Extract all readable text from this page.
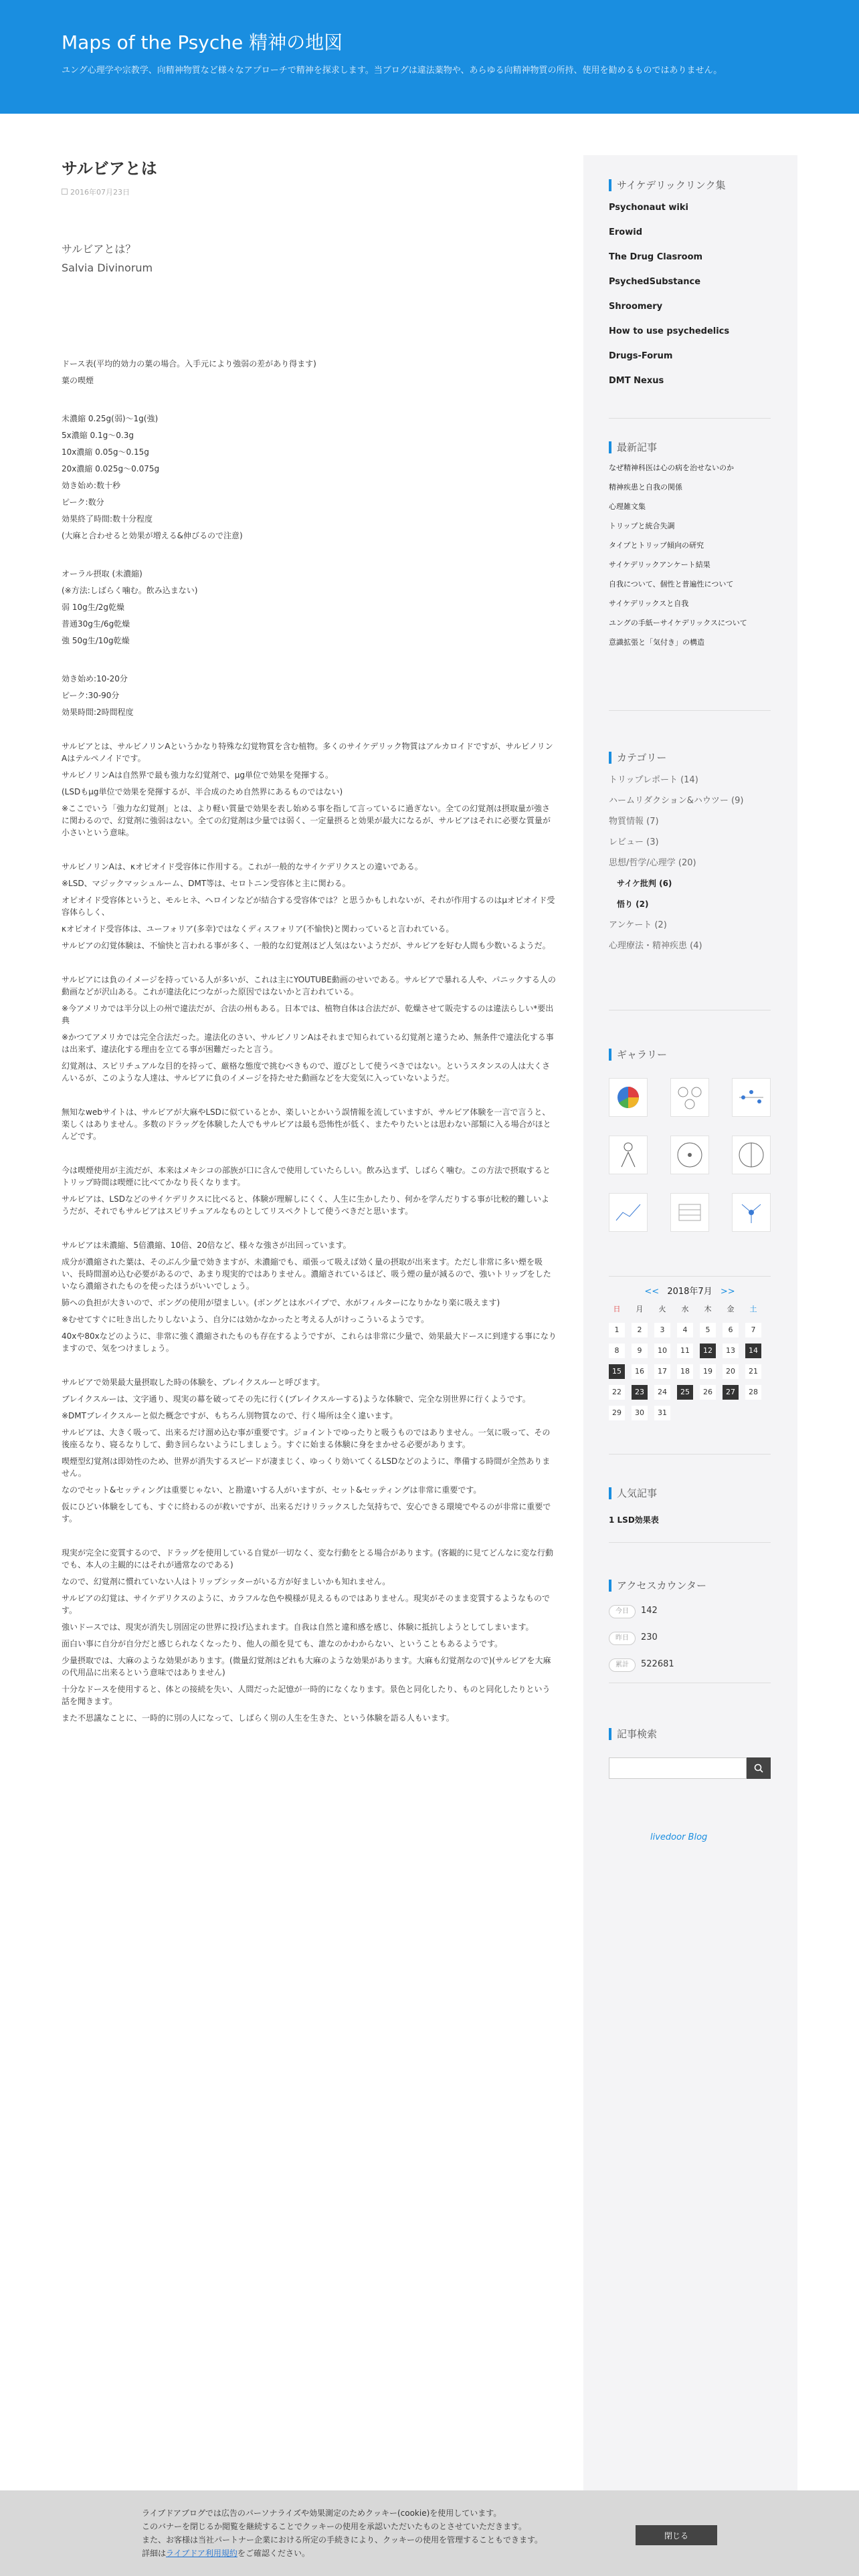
Maps of the Psyche 精神の地図
ユング心理学や宗教学、向精神物質など様々なアプローチで精神を探求します。当ブログは違法薬物や、あらゆる向精神物質の所持、使用を勧めるものではありません。
サルビアとは
2016年07月23日

サルビアとは？

Salvia Divinorum

ドース表(平均的効力の葉の場合。入手元により強弱の差があり得ます)

葉の喫煙

未濃縮 0.25g(弱)〜1g(強)

5x濃縮 0.1g〜0.3g

10x濃縮 0.05g〜0.15g

20x濃縮 0.025g〜0.075g

効き始め:数十秒

ピーク:数分

効果終了時間:数十分程度

(大麻と合わせると効果が増える&伸びるので注意)

オーラル摂取 (未濃縮)

(※方法:しばらく噛む。飲み込まない)

弱 10g生/2g乾燥

普通30g生/6g乾燥

強 50g生/10g乾燥

効き始め:10-20分

ピーク:30-90分

効果時間:2時間程度

サルビアとは、サルビノリンAというかなり特殊な幻覚物質を含む植物。多くのサイケデリック物質はアルカロイドですが、サルビノリンAはテルペノイドです。

サルビノリンAは自然界で最も強力な幻覚剤で、μg単位で効果を発揮する。

(LSDもμg単位で効果を発揮するが、半合成のため自然界にあるものではない)

※ここでいう「強力な幻覚剤」とは、より軽い質量で効果を表し始める事を指して言っているに過ぎない。全ての幻覚剤は摂取量が強さに関わるので、幻覚剤に強弱はない。全ての幻覚剤は少量では弱く、一定量摂ると効果が最大になるが、サルビアはそれに必要な質量が小さいという意味。

サルビノリンAは、κオピオイド受容体に作用する。これが一般的なサイケデリクスとの違いである。

※LSD、マジックマッシュルーム、DMT等は、セロトニン受容体と主に関わる。

オピオイド受容体というと、モルヒネ、ヘロインなどが結合する受容体では？と思うかもしれないが、それが作用するのはμオピオイド受容体らしく、

κオピオイド受容体は、ユーフォリア(多幸)ではなくディスフォリア(不愉快)と関わっていると言われている。

サルビアの幻覚体験は、不愉快と言われる事が多く、一般的な幻覚剤ほど人気はないようだが、サルビアを好む人間も少数いるようだ。

サルビアには負のイメージを持っている人が多いが、これは主にYOUTUBE動画のせいである。サルビアで暴れる人や、パニックする人の動画などが沢山ある。これが違法化につながった原因ではないかと言われている。

※今アメリカでは半分以上の州で違法だが、合法の州もある。日本では、植物自体は合法だが、乾燥させて販売するのは違法らしい*要出典

※かつてアメリカでは完全合法だった。違法化のさい、サルビノリンAはそれまで知られている幻覚剤と違うため、無条件で違法化する事は出来ず、違法化する理由を立てる事が困難だったと言う。

幻覚剤は、スピリチュアルな目的を持って、厳格な態度で挑むべきもので、遊びとして使うべきではない。というスタンスの人は大くさんいるが、このような人達は、サルビアに負のイメージを持たせた動画などを大変気に入っていないようだ。

無知なwebサイトは、サルビアが大麻やLSDに似ているとか、楽しいとかいう誤情報を流していますが、サルビア体験を一言で言うと、楽しくはありません。多数のドラッグを体験した人でもサルビアは最も恐怖性が低く、またやりたいとは思わない部類に入る場合がほとんどです。

今は喫煙使用が主流だが、本来はメキシコの部族が口に含んで使用していたらしい。飲み込まず、しばらく噛む。この方法で摂取するとトリップ時間は喫煙に比べてかなり長くなります。

サルビアは、LSDなどのサイケデリクスに比べると、体験が理解しにくく、人生に生かしたり、何かを学んだりする事が比較的難しいようだが、それでもサルビアはスピリチュアルなものとしてリスペクトして使うべきだと思います。

サルビアは未濃縮、5倍濃縮、10倍、20倍など、様々な強さが出回っています。

成分が濃縮された葉は、そのぶん少量で効きますが、未濃縮でも、頑張って吸えば効く量の摂取が出来ます。ただし非常に多い煙を吸い、長時間溜め込む必要があるので、あまり現実的ではありません。濃縮されているほど、吸う煙の量が減るので、強いトリップをしたいなら濃縮されたものを使ったほうがいいでしょう。

肺への負担が大きいので、ボングの使用が望ましい。(ボングとは水パイプで、水がフィルターになりかなり楽に吸えます)

※むせてすぐに吐き出したりしないよう、自分には効かなかったと考える人がけっこういるようです。

40xや80xなどのように、非常に強く濃縮されたものも存在するようですが、これらは非常に少量で、効果最大ドースに到達する事になりますので、気をつけましょう。

サルビアで効果最大量摂取した時の体験を、ブレイクスルーと呼びます。

ブレイクスルーは、文字通り、現実の幕を破ってその先に行く(ブレイクスルーする)ような体験で、完全な別世界に行くようです。

※DMTブレイクスルーと似た概念ですが、もちろん別物質なので、行く場所は全く違います。

サルビアは、大きく吸って、出来るだけ溜め込む事が重要です。ジョイントでゆったりと吸うものではありません。一気に吸って、その後座るなり、寝るなりして、動き回らないようにしましょう。すぐに始まる体験に身をまかせる必要があります。

喫煙型幻覚剤は即効性のため、世界が消失するスピードが凄まじく、ゆっくり効いてくるLSDなどのように、準備する時間が全然ありません。

なのでセット&セッティングは重要じゃない、と勘違いする人がいますが、セット&セッティングは非常に重要です。

仮にひどい体験をしても、すぐに終わるのが救いですが、出来るだけリラックスした気持ちで、安心できる環境でやるのが非常に重要です。

現実が完全に変質するので、ドラッグを使用している自覚が一切なく、変な行動をとる場合があります。(客観的に見てどんなに変な行動でも、本人の主観的にはそれが通常なのである)

なので、幻覚剤に慣れていない人はトリップシッターがいる方が好ましいかも知れません。

サルビアの幻覚は、サイケデリクスのように、カラフルな色や模様が見えるものではありません。現実がそのまま変質するようなものです。

強いドースでは、現実が消失し別固定の世界に投げ込まれます。自我は自然と違和感を感じ、体験に抵抗しようとしてしまいます。

面白い事に自分が自分だと感じられなくなったり、他人の顔を見ても、誰なのかわからない、ということもあるようです。

少量摂取では、大麻のような効果があります。(微量幻覚剤はどれも大麻のような効果があります。大麻も幻覚剤なので)(サルビアを大麻の代用品に出来るという意味ではありません)

十分なドースを使用すると、体との接続を失い、人間だった記憶が一時的になくなります。景色と同化したり、ものと同化したりという話を聞きます。

また不思議なことに、一時的に別の人になって、しばらく別の人生を生きた、という体験を語る人もいます。

サイケデリックリンク集
Psychonaut wiki
Erowid
The Drug Clasroom
PsychedSubstance
Shroomery
How to use psychedelics
Drugs-Forum
DMT Nexus
最新記事
なぜ精神科医は心の病を治せないのか
精神疾患と自我の関係
心理雑文集
トリップと統合失調
タイプとトリップ傾向の研究
サイケデリックアンケート結果
自我について、個性と普遍性について
サイケデリックスと自我
ユングの手紙ーサイケデリックスについて
意識拡張と「気付き」の構造
カテゴリー
トリップレポート (14)
ハームリダクション&ハウツー (9)
物質情報 (7)
レビュー (3)
思想/哲学/心理学 (20)
サイケ批判 (6)
悟り (2)
アンケート (2)
心理療法・精神疾患 (4)
ギャラリー
<< 2018年7月 >>
日	月	火	水	木	金	土
1	2	3	4	5	6	7
8	9	10	11	12	13	14
15	16	17	18	19	20	21
22	23	24	25	26	27	28
29	30	31
人気記事
1 LSD効果表
アクセスカウンター
今日 142
昨日 230
累計 522681
記事検索
livedoor Blog
ライブドアブログでは広告のパーソナライズや効果測定のためクッキー(cookie)を使用しています。
このバナーを閉じるか閲覧を継続することでクッキーの使用を承認いただいたものとさせていただきます。
また、お客様は当社パートナー企業における所定の手続きにより、クッキーの使用を管理することもできます。
詳細はライブドア利用規約をご確認ください。
閉じる
